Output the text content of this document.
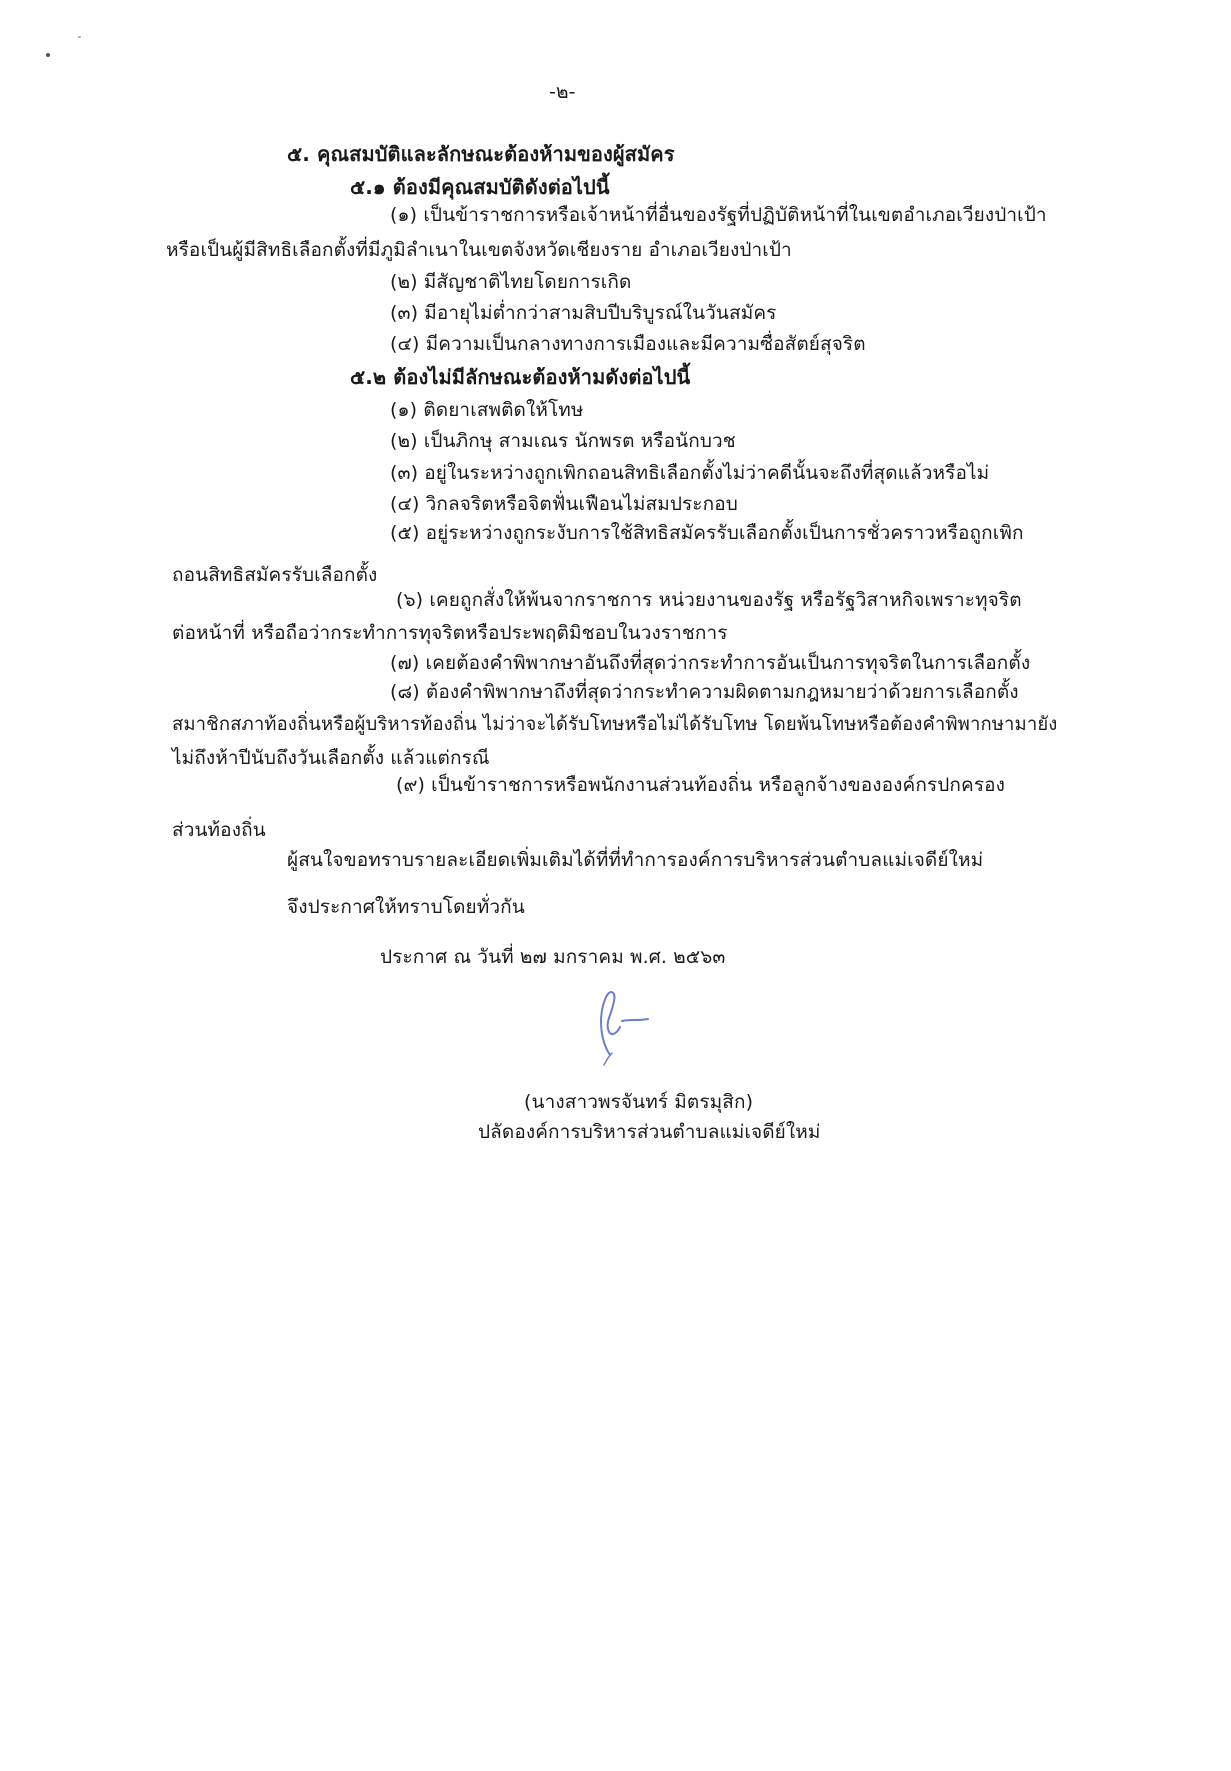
-๒-
๕. คุณสมบัติและลักษณะต้องห้ามของผู้สมัคร
๕.๑ ต้องมีคุณสมบัติดังต่อไปนี้
(๑) เป็นข้าราชการหรือเจ้าหน้าที่อื่นของรัฐที่ปฏิบัติหน้าที่ในเขตอำเภอเวียงป่าเป้า
หรือเป็นผู้มีสิทธิเลือกตั้งที่มีภูมิลำเนาในเขตจังหวัดเชียงราย อำเภอเวียงป่าเป้า
(๒) มีสัญชาติไทยโดยการเกิด
(๓) มีอายุไม่ต่ำกว่าสามสิบปีบริบูรณ์ในวันสมัคร
(๔) มีความเป็นกลางทางการเมืองและมีความซื่อสัตย์สุจริต
๕.๒ ต้องไม่มีลักษณะต้องห้ามดังต่อไปนี้
(๑) ติดยาเสพติดให้โทษ
(๒) เป็นภิกษุ สามเณร นักพรต หรือนักบวช
(๓) อยู่ในระหว่างถูกเพิกถอนสิทธิเลือกตั้งไม่ว่าคดีนั้นจะถึงที่สุดแล้วหรือไม่
(๔) วิกลจริตหรือจิตฟั่นเฟือนไม่สมประกอบ
(๕) อยู่ระหว่างถูกระงับการใช้สิทธิสมัครรับเลือกตั้งเป็นการชั่วคราวหรือถูกเพิก
ถอนสิทธิสมัครรับเลือกตั้ง
(๖) เคยถูกสั่งให้พ้นจากราชการ หน่วยงานของรัฐ หรือรัฐวิสาหกิจเพราะทุจริต
ต่อหน้าที่ หรือถือว่ากระทำการทุจริตหรือประพฤติมิชอบในวงราชการ
(๗) เคยต้องคำพิพากษาอันถึงที่สุดว่ากระทำการอันเป็นการทุจริตในการเลือกตั้ง
(๘) ต้องคำพิพากษาถึงที่สุดว่ากระทำความผิดตามกฎหมายว่าด้วยการเลือกตั้ง
สมาชิกสภาท้องถิ่นหรือผู้บริหารท้องถิ่น ไม่ว่าจะได้รับโทษหรือไม่ได้รับโทษ โดยพ้นโทษหรือต้องคำพิพากษามายัง
ไม่ถึงห้าปีนับถึงวันเลือกตั้ง แล้วแต่กรณี
(๙) เป็นข้าราชการหรือพนักงานส่วนท้องถิ่น หรือลูกจ้างขององค์กรปกครอง
ส่วนท้องถิ่น
ผู้สนใจขอทราบรายละเอียดเพิ่มเติมได้ที่ที่ทำการองค์การบริหารส่วนตำบลแม่เจดีย์ใหม่
จึงประกาศให้ทราบโดยทั่วกัน
ประกาศ ณ วันที่ ๒๗ มกราคม พ.ศ. ๒๕๖๓
(นางสาวพรจันทร์ มิตรมุสิก)
ปลัดองค์การบริหารส่วนตำบลแม่เจดีย์ใหม่
